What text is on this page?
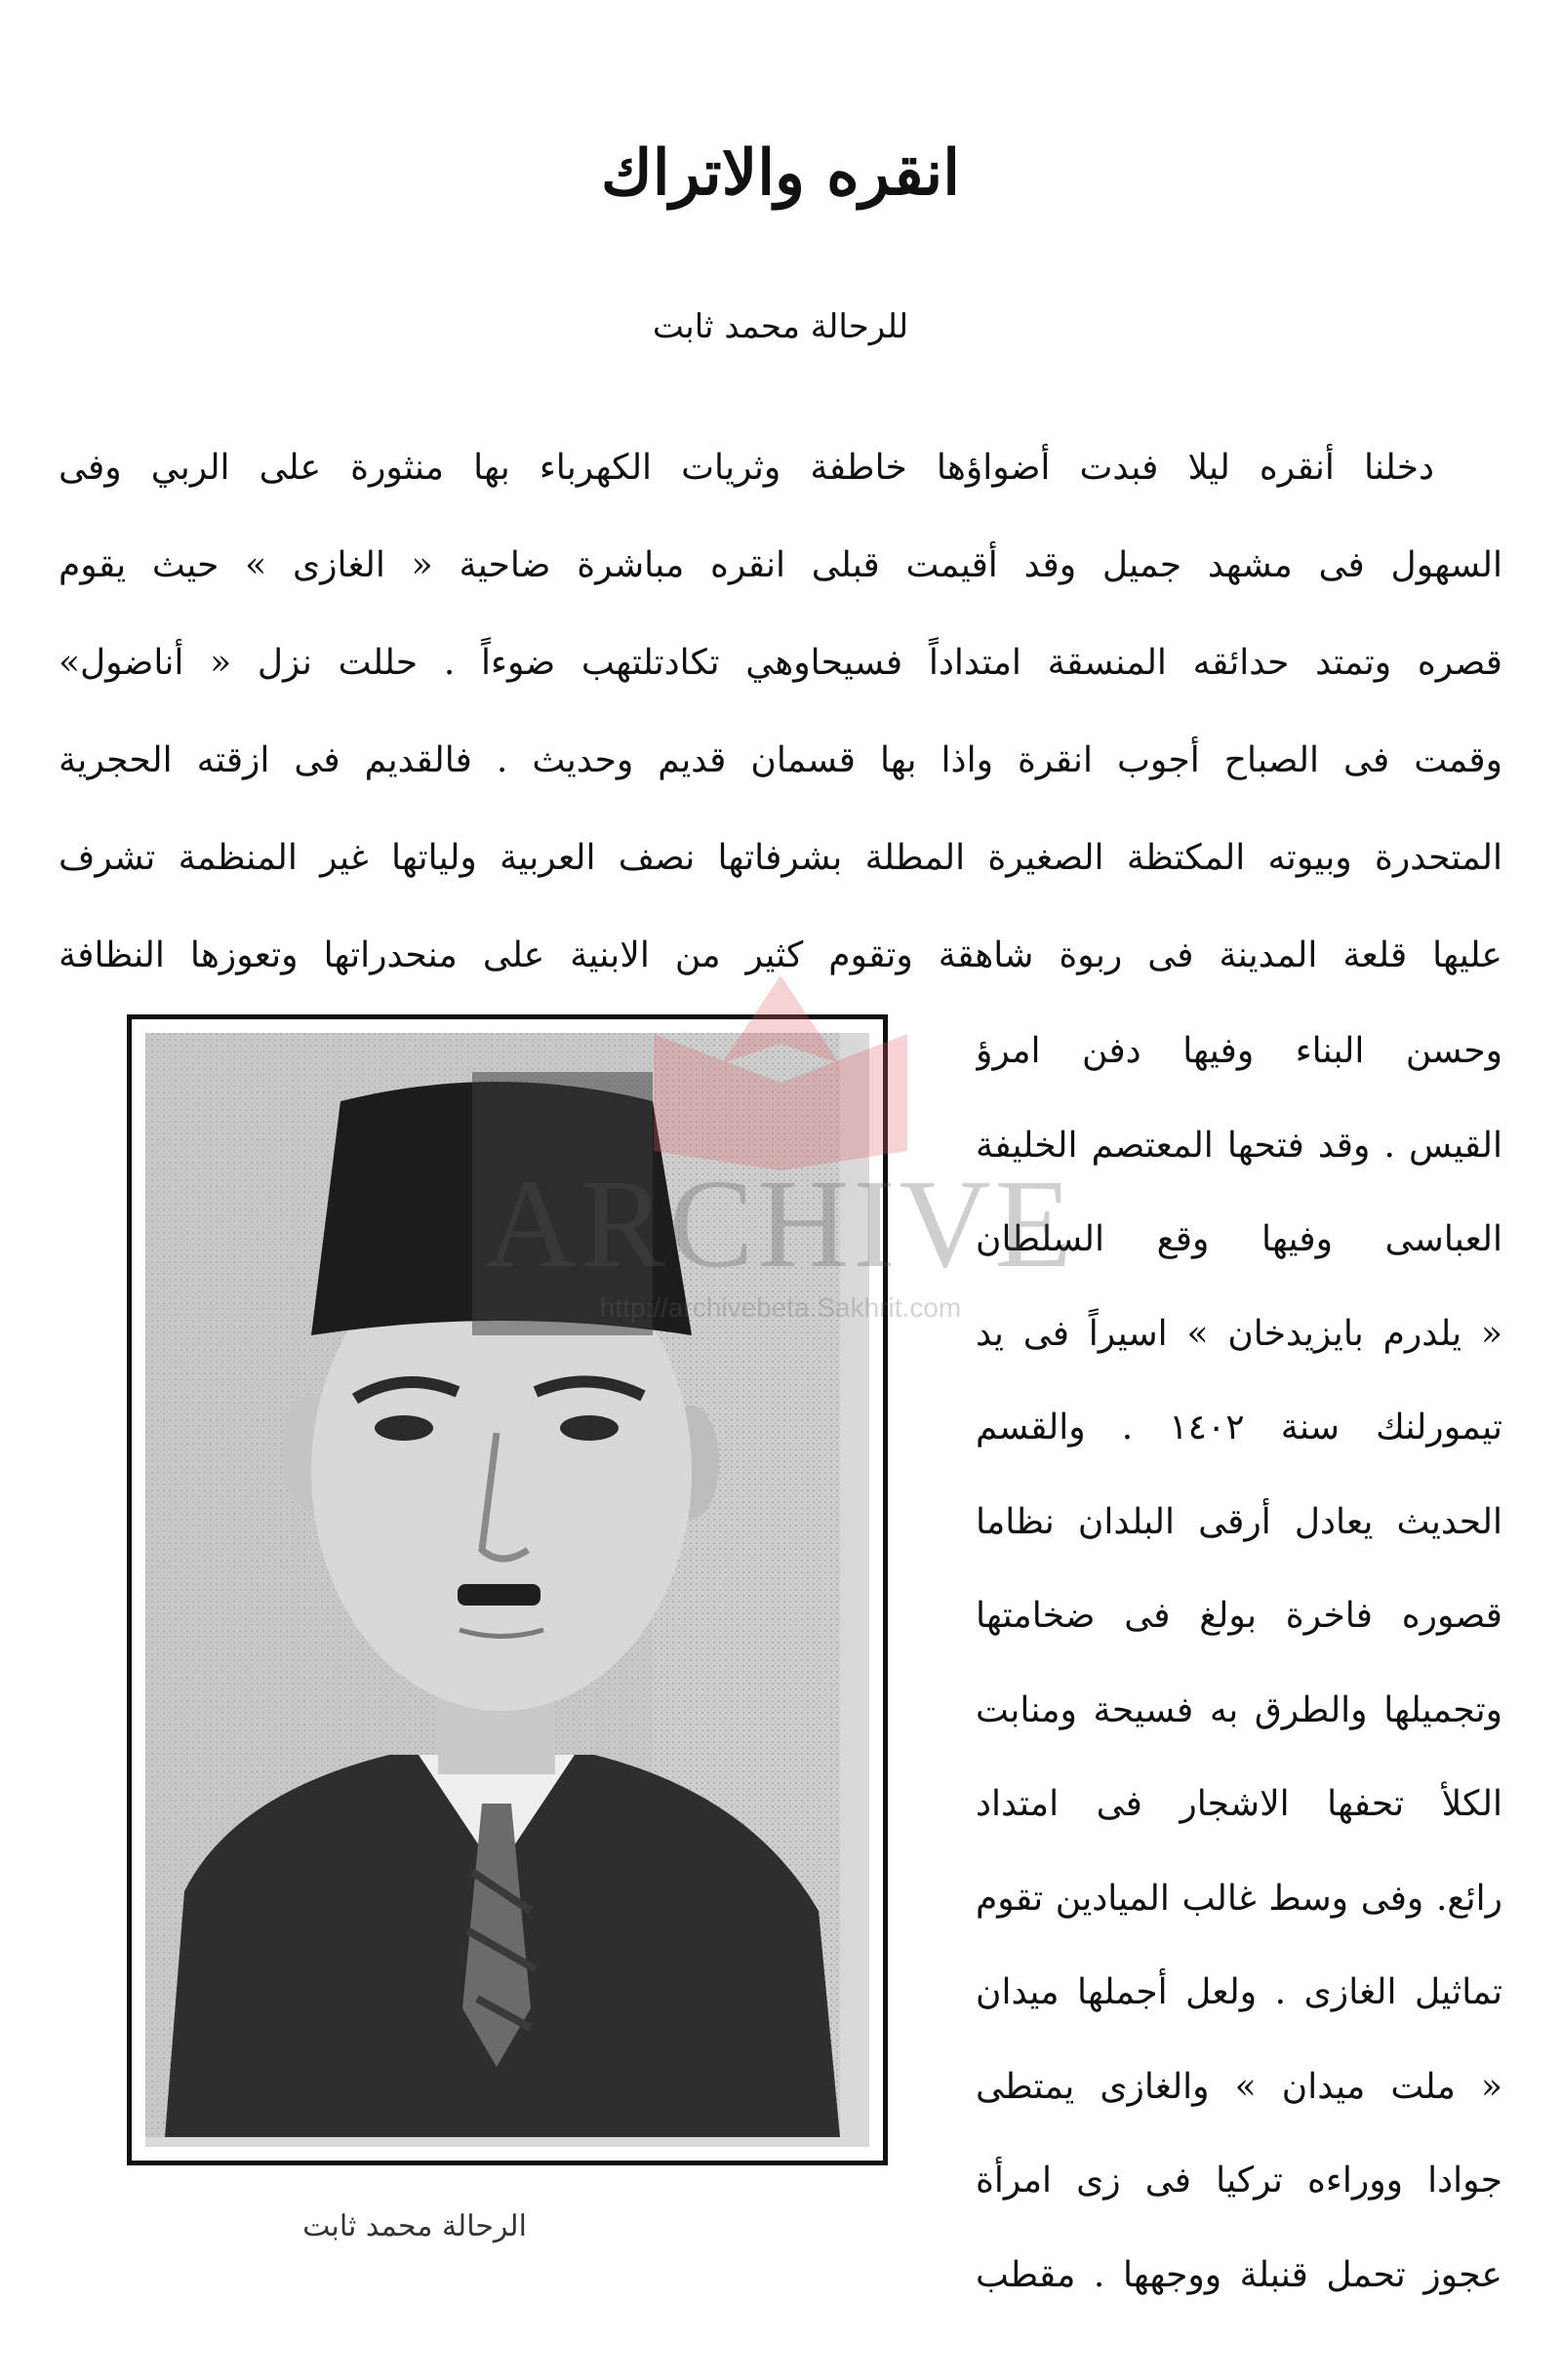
انقره والاتراك
للرحالة محمد ثابت
دخلنا أنقره ليلا فبدت أضواؤها خاطفة وثريات الكهرباء بها منثورة على الربي وفى
السهول فى مشهد جميل وقد أقيمت قبلى انقره مباشرة ضاحية « الغازى » حيث يقوم
قصره وتمتد حدائقه المنسقة امتداداً فسيحاوهي تكادتلتهب ضوءاً . حللت نزل « أناضول»
وقمت فى الصباح أجوب انقرة واذا بها قسمان قديم وحديث . فالقديم فى ازقته الحجرية
المتحدرة وبيوته المكتظة الصغيرة المطلة بشرفاتها نصف العربية ولياتها غير المنظمة تشرف
عليها قلعة المدينة فى ربوة شاهقة وتقوم كثير من الابنية على منحدراتها وتعوزها النظافة
وحسن البناء وفيها دفن امرؤ
القيس . وقد فتحها المعتصم الخليفة
العباسى وفيها وقع السلطان
« يلدرم بايزيدخان » اسيراً فى يد
تيمورلنك سنة ١٤٠٢ . والقسم
الحديث يعادل أرقى البلدان نظاما
قصوره فاخرة بولغ فى ضخامتها
وتجميلها والطرق به فسيحة ومنابت
الكلأ تحفها الاشجار فى امتداد
رائع. وفى وسط غالب الميادين تقوم
تماثيل الغازى . ولعل أجملها ميدان
« ملت ميدان » والغازى يمتطى
جوادا ووراءه تركيا فى زى امرأة
عجوز تحمل قنبلة ووجهها . مقطب
الرحالة محمد ثابت
ARCHIVE
http://archivebeta.Sakhrit.com
